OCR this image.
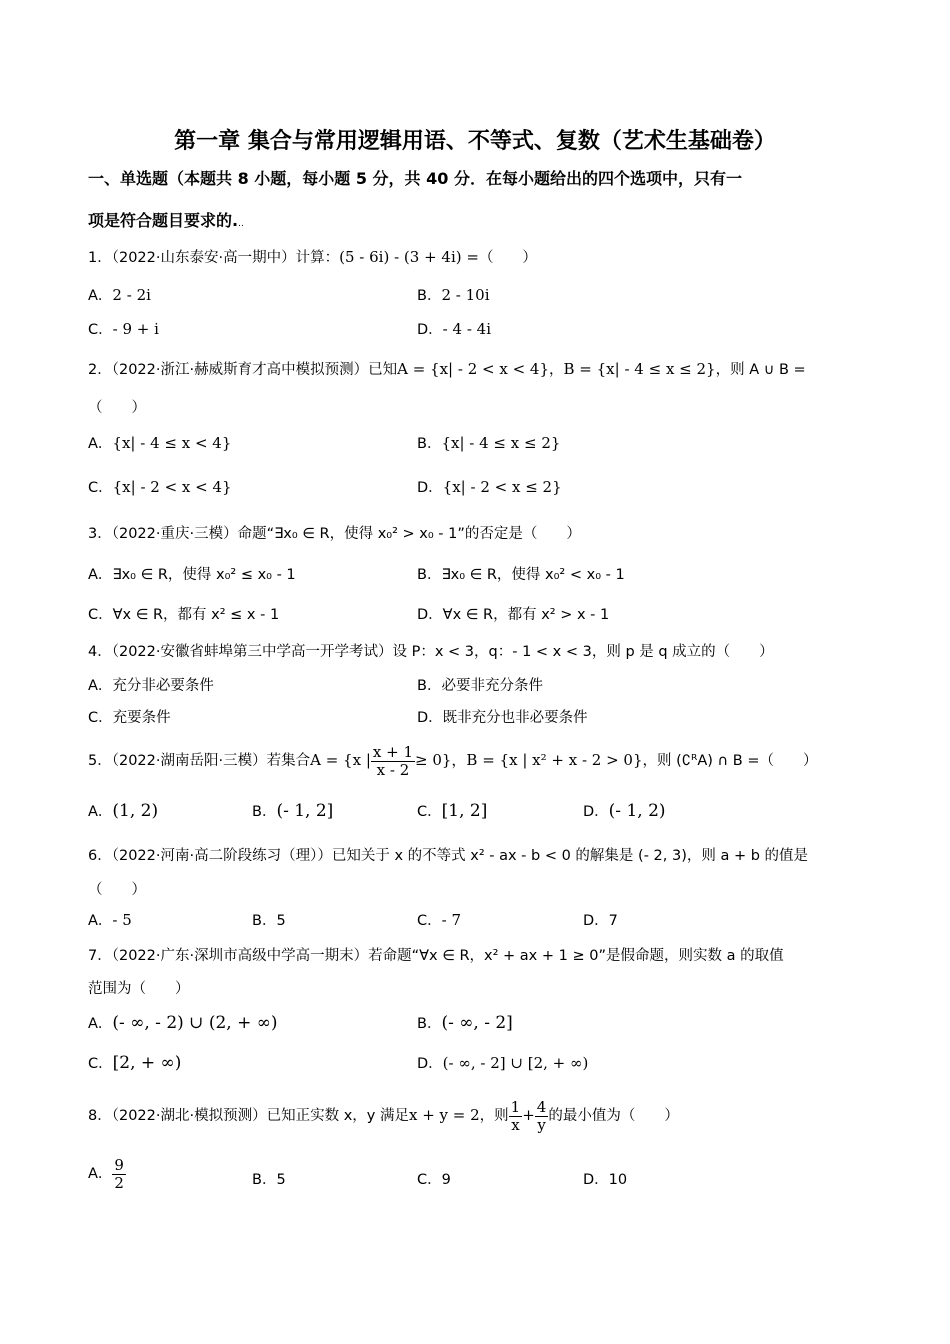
第一章 集合与常用逻辑用语、不等式、复数（艺术生基础卷）
一、单选题（本题共 8 小题，每小题 5 分，共 40 分．在每小题给出的四个选项中，只有一
项是符合题目要求的...
1．（2022·山东泰安·高一期中）计算：(5 - 6i) - (3 + 4i) =（　　）
A．2 - 2i	B．2 - 10i
C．- 9 + i	D．- 4 - 4i
2．（2022·浙江·赫威斯育才高中模拟预测）已知A = {x| - 2 < x < 4}，B = {x| - 4 ≤ x ≤ 2}，则 A ∪ B =
（　　）
A．{x| - 4 ≤ x < 4}	B．{x| - 4 ≤ x ≤ 2}
C．{x| - 2 < x < 4}	D．{x| - 2 < x ≤ 2}
3．（2022·重庆·三模）命题“∃x₀ ∈ R，使得 x₀² > x₀ - 1”的否定是（　　）
A．∃x₀ ∈ R，使得 x₀² ≤ x₀ - 1	B．∃x₀ ∈ R，使得 x₀² < x₀ - 1
C．∀x ∈ R，都有 x² ≤ x - 1	D．∀x ∈ R，都有 x² > x - 1
4．（2022·安徽省蚌埠第三中学高一开学考试）设 P：x < 3，q：- 1 < x < 3，则 p 是 q 成立的（　　）
A．充分非必要条件	B．必要非充分条件
C．充要条件	D．既非充分也非必要条件
5．（2022·湖南岳阳·三模）若集合A = {x | $\frac{x + 1}{x - 2} \ge 0$}，B = {x | x² + x - 2 > 0}，则 (∁ᴿA) ∩ B =（　　）
A．(1, 2)	B．(- 1, 2]	C．[1, 2]	D．(- 1, 2)
6．（2022·河南·高二阶段练习（理））已知关于 x 的不等式 x² - ax - b < 0 的解集是 (- 2, 3)，则 a + b 的值是
（　　）
A．- 5	B．5	C．- 7	D．7
7．（2022·广东·深圳市高级中学高一期末）若命题“∀x ∈ R，x² + ax + 1 ≥ 0”是假命题，则实数 a 的取值
范围为（　　）
A．(- ∞, - 2) ∪ (2, + ∞)	B．(- ∞, - 2]
C．[2, + ∞)	D．(- ∞, - 2] ∪ [2, + ∞)
8．（2022·湖北·模拟预测）已知正实数 x，y 满足x + y = 2，则 $\frac{1}{x} + \frac{4}{y}$ 的最小值为（　　）
A． $\frac{9}{2}$	B．5	C．9	D．10
